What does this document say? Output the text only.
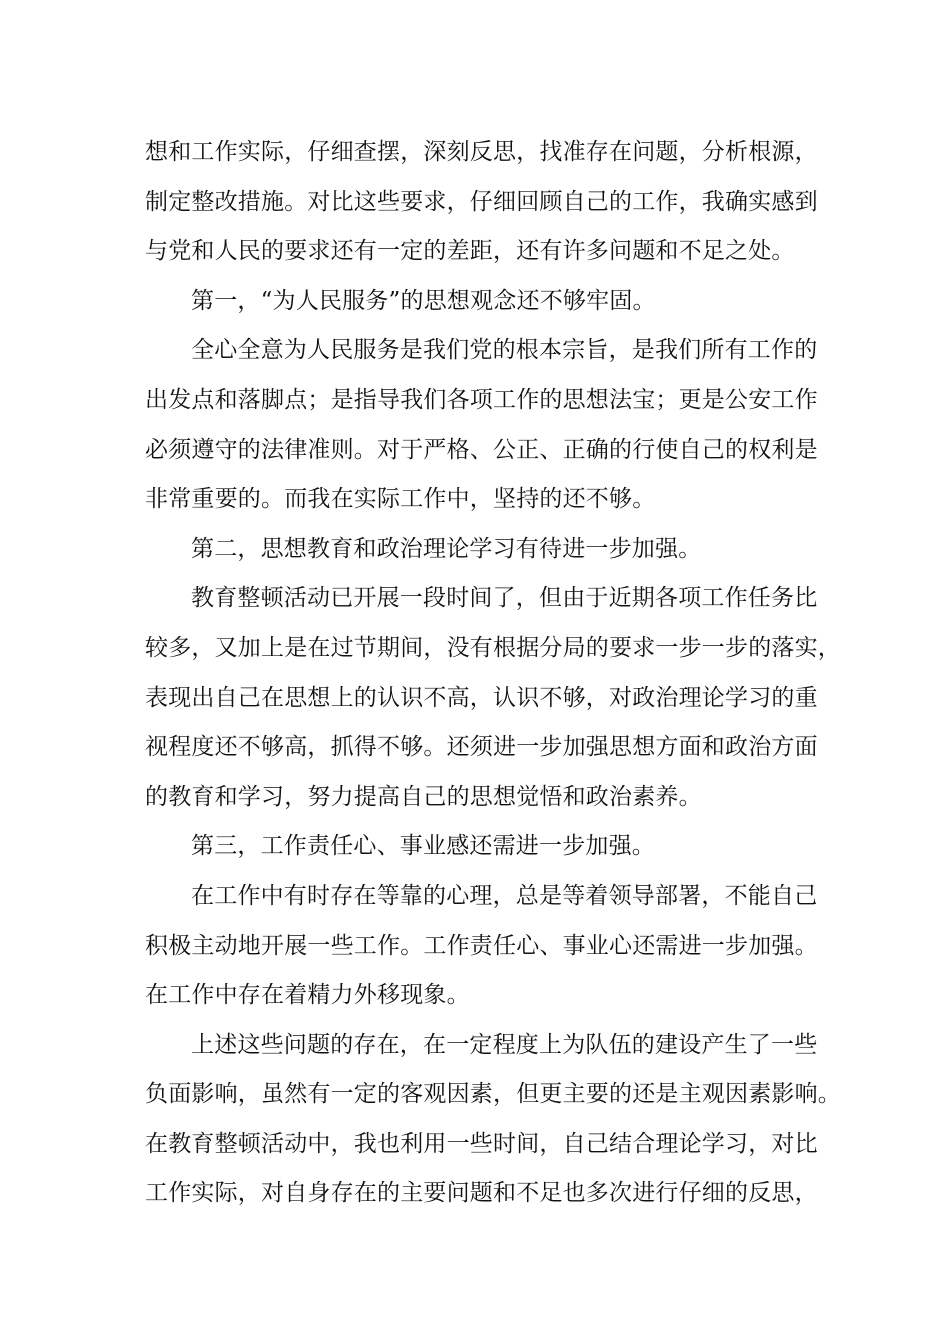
想和工作实际，仔细查摆，深刻反思，找准存在问题，分析根源，
制定整改措施。对比这些要求，仔细回顾自己的工作，我确实感到
与党和人民的要求还有一定的差距，还有许多问题和不足之处。
第一，“为人民服务”的思想观念还不够牢固。
全心全意为人民服务是我们党的根本宗旨，是我们所有工作的
出发点和落脚点；是指导我们各项工作的思想法宝；更是公安工作
必须遵守的法律准则。对于严格、公正、正确的行使自己的权利是
非常重要的。而我在实际工作中，坚持的还不够。
第二，思想教育和政治理论学习有待进一步加强。
教育整顿活动已开展一段时间了，但由于近期各项工作任务比
较多，又加上是在过节期间，没有根据分局的要求一步一步的落实，
表现出自己在思想上的认识不高，认识不够，对政治理论学习的重
视程度还不够高，抓得不够。还须进一步加强思想方面和政治方面
的教育和学习，努力提高自己的思想觉悟和政治素养。
第三，工作责任心、事业感还需进一步加强。
在工作中有时存在等靠的心理，总是等着领导部署，不能自己
积极主动地开展一些工作。工作责任心、事业心还需进一步加强。
在工作中存在着精力外移现象。
上述这些问题的存在，在一定程度上为队伍的建设产生了一些
负面影响，虽然有一定的客观因素，但更主要的还是主观因素影响。
在教育整顿活动中，我也利用一些时间，自己结合理论学习，对比
工作实际，对自身存在的主要问题和不足也多次进行仔细的反思，
